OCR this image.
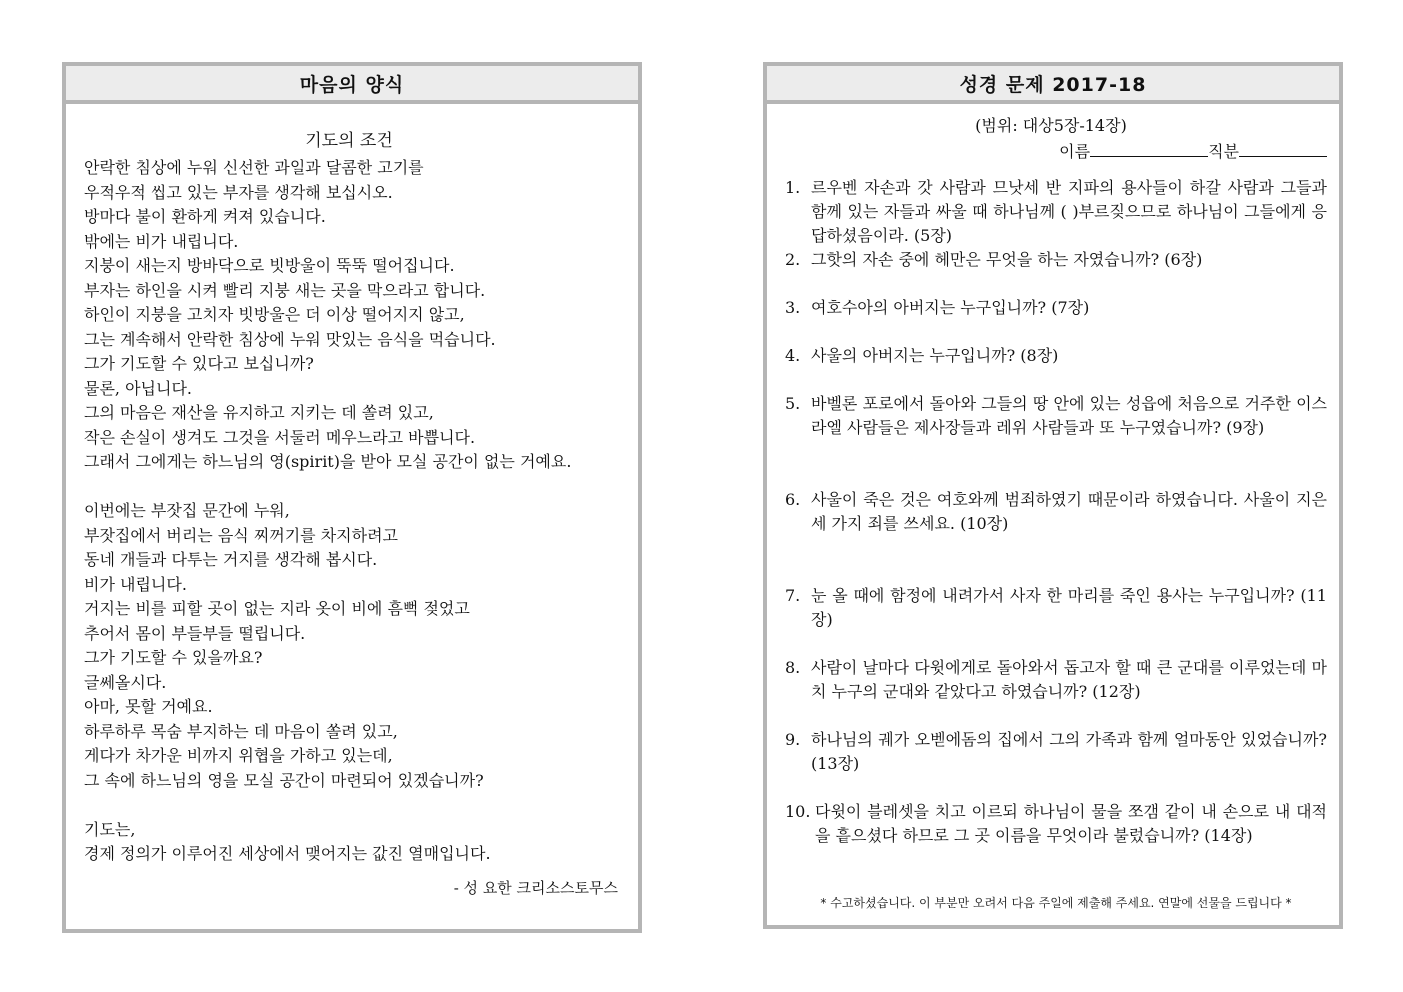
마음의 양식
기도의 조건
안락한 침상에 누워 신선한 과일과 달콤한 고기를
우적우적 씹고 있는 부자를 생각해 보십시오.
방마다 불이 환하게 켜져 있습니다.
밖에는 비가 내립니다.
지붕이 새는지 방바닥으로 빗방울이 뚝뚝 떨어집니다.
부자는 하인을 시켜 빨리 지붕 새는 곳을 막으라고 합니다.
하인이 지붕을 고치자 빗방울은 더 이상 떨어지지 않고,
그는 계속해서 안락한 침상에 누워 맛있는 음식을 먹습니다.
그가 기도할 수 있다고 보십니까?
물론, 아닙니다.
그의 마음은 재산을 유지하고 지키는 데 쏠려 있고,
작은 손실이 생겨도 그것을 서둘러 메우느라고 바쁩니다.
그래서 그에게는 하느님의 영(spirit)을 받아 모실 공간이 없는 거예요.
이번에는 부잣집 문간에 누워,
부잣집에서 버리는 음식 찌꺼기를 차지하려고
동네 개들과 다투는 거지를 생각해 봅시다.
비가 내립니다.
거지는 비를 피할 곳이 없는 지라 옷이 비에 흠뻑 젖었고
추어서 몸이 부들부들 떨립니다.
그가 기도할 수 있을까요?
글쎄올시다.
아마, 못할 거예요.
하루하루 목숨 부지하는 데 마음이 쏠려 있고,
게다가 차가운 비까지 위협을 가하고 있는데,
그 속에 하느님의 영을 모실 공간이 마련되어 있겠습니까?
기도는,
경제 정의가 이루어진 세상에서 맺어지는 값진 열매입니다.
- 성 요한 크리소스토무스
성경 문제 2017-18
(범위: 대상5장-14장)
이름	직분
1. 르우벤 자손과 갓 사람과 므낫세 반 지파의 용사들이 하갈 사람과 그들과 함께 있는 자들과 싸울 때 하나님께 ( )부르짖으므로 하나님이 그들에게 응답하셨음이라. (5장)

2. 그핫의 자손 중에 헤만은 무엇을 하는 자였습니까? (6장)

3. 여호수아의 아버지는 누구입니까? (7장)

4. 사울의 아버지는 누구입니까? (8장)

5. 바벨론 포로에서 돌아와 그들의 땅 안에 있는 성읍에 처음으로 거주한 이스라엘 사람들은 제사장들과 레위 사람들과 또 누구였습니까? (9장)

6. 사울이 죽은 것은 여호와께 범죄하였기 때문이라 하였습니다. 사울이 지은 세 가지 죄를 쓰세요. (10장)

7. 눈 올 때에 함정에 내려가서 사자 한 마리를 죽인 용사는 누구입니까? (11장)

8. 사람이 날마다 다윗에게로 돌아와서 돕고자 할 때 큰 군대를 이루었는데 마치 누구의 군대와 같았다고 하였습니까? (12장)

9. 하나님의 궤가 오벧에돔의 집에서 그의 가족과 함께 얼마동안 있었습니까? (13장)

10. 다윗이 블레셋을 치고 이르되 하나님이 물을 쪼갬 같이 내 손으로 내 대적을 흩으셨다 하므로 그 곳 이름을 무엇이라 불렀습니까? (14장)

* 수고하셨습니다. 이 부분만 오려서 다음 주일에 제출해 주세요. 연말에 선물을 드립니다 *
